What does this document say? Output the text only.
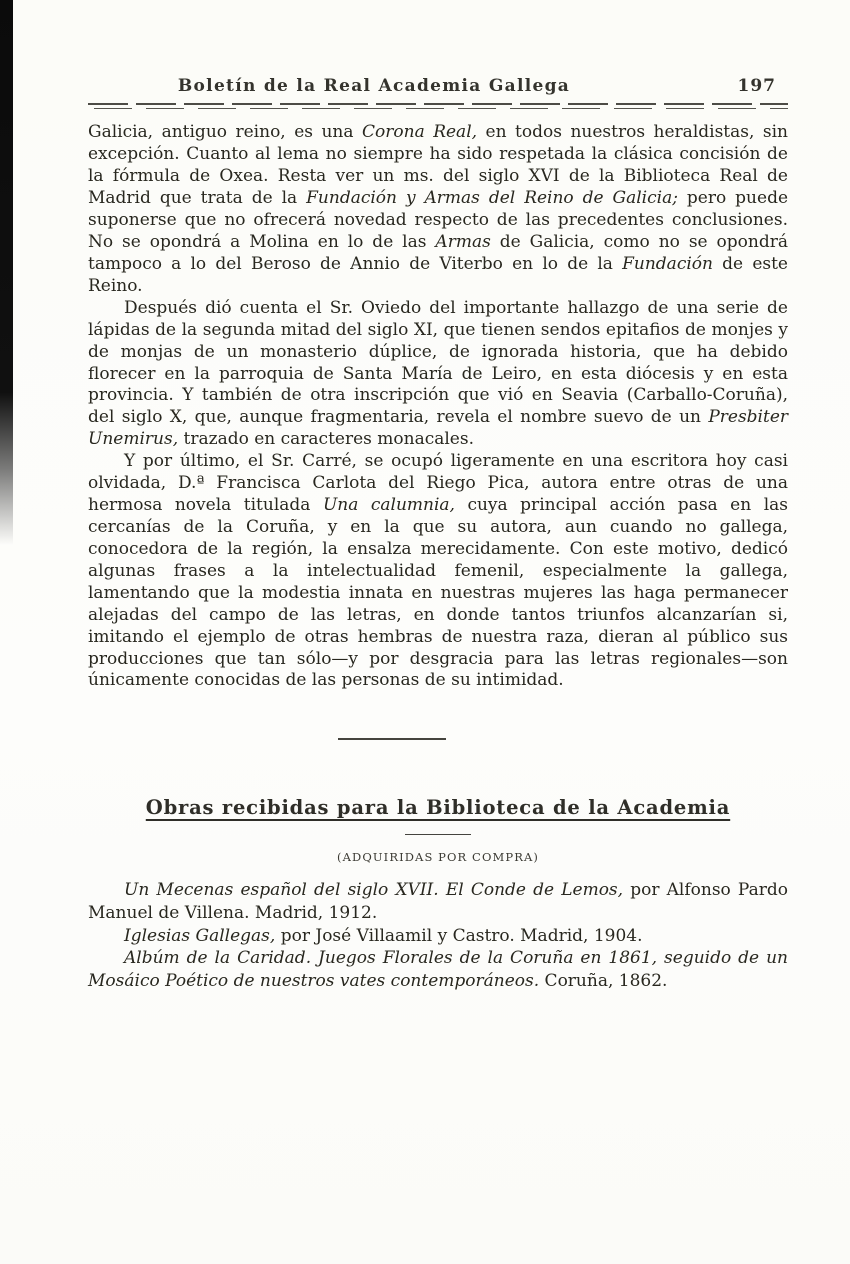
Boletín de la Real Academia Gallega	197

Galicia, antiguo reino, es una Corona Real, en todos nuestros heraldistas, sin excepción. Cuanto al lema no siempre ha sido respetada la clásica concisión de la fórmula de Oxea. Resta ver un ms. del siglo XVI de la Biblioteca Real de Madrid que trata de la Fundación y Armas del Reino de Galicia; pero puede suponerse que no ofrecerá novedad respecto de las precedentes conclusiones. No se opondrá a Molina en lo de las Armas de Galicia, como no se opondrá tampoco a lo del Beroso de Annio de Viterbo en lo de la Fundación de este Reino.

Después dió cuenta el Sr. Oviedo del importante hallazgo de una serie de lápidas de la segunda mitad del siglo XI, que tienen sendos epitafios de monjes y de monjas de un monasterio dúplice, de ignorada historia, que ha debido florecer en la parroquia de Santa María de Leiro, en esta diócesis y en esta provincia. Y también de otra inscripción que vió en Seavia (Carballo-Coruña), del siglo X, que, aunque fragmentaria, revela el nombre suevo de un Presbiter Unemirus, trazado en caracteres monacales.

Y por último, el Sr. Carré, se ocupó ligeramente en una escritora hoy casi olvidada, D.ª Francisca Carlota del Riego Pica, autora entre otras de una hermosa novela titulada Una calumnia, cuya principal acción pasa en las cercanías de la Coruña, y en la que su autora, aun cuando no gallega, conocedora de la región, la ensalza merecidamente. Con este motivo, dedicó algunas frases a la intelectualidad femenil, especialmente la gallega, lamentando que la modestia innata en nuestras mujeres las haga permanecer alejadas del campo de las letras, en donde tantos triunfos alcanzarían si, imitando el ejemplo de otras hembras de nuestra raza, dieran al público sus producciones que tan sólo—y por desgracia para las letras regionales—son únicamente conocidas de las personas de su intimidad.

Obras recibidas para la Biblioteca de la Academia
(ADQUIRIDAS POR COMPRA)

Un Mecenas español del siglo XVII. El Conde de Lemos, por Alfonso Pardo Manuel de Villena. Madrid, 1912.

Iglesias Gallegas, por José Villaamil y Castro. Madrid, 1904.

Albúm de la Caridad. Juegos Florales de la Coruña en 1861, seguido de un Mosáico Poético de nuestros vates contemporáneos. Coruña, 1862.
